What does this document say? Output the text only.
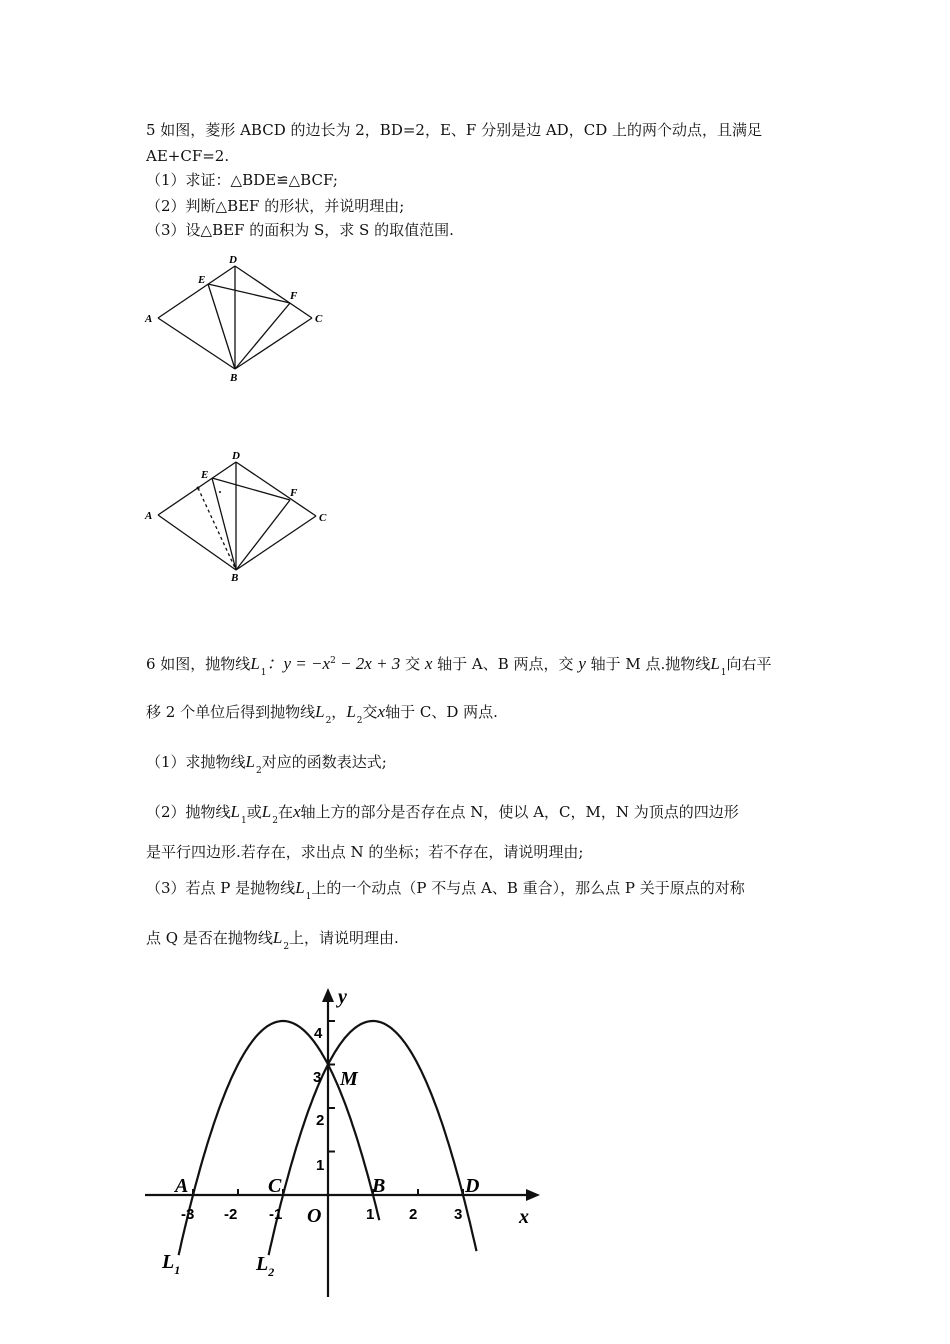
5 如图，菱形 ABCD 的边长为 2，BD=2，E、F 分别是边 AD，CD 上的两个动点，且满足
AE+CF=2.
（1）求证：△BDE≌△BCF;
（2）判断△BEF 的形状，并说明理由;
（3）设△BEF 的面积为 S，求 S 的取值范围.
A
B
C
D
E
F
A
B
C
D
E
F
6 如图，抛物线$L_1$：$y = -x^2 - 2x + 3$ 交 x 轴于 A、B 两点，交 y 轴于 M 点.抛物线$L_1$向右平
移 2 个单位后得到抛物线$L_2$，$L_2$交x轴于 C、D 两点.
（1）求抛物线$L_2$对应的函数表达式;
（2）抛物线$L_1$或$L_2$在x轴上方的部分是否存在点 N，使以 A，C，M，N 为顶点的四边形
是平行四边形.若存在，求出点 N 的坐标；若不存在，请说明理由;
（3）若点 P 是抛物线$L_1$上的一个动点（P 不与点 A、B 重合），那么点 P 关于原点的对称
点 Q 是否在抛物线$L_2$上，请说明理由.
x
y
O
-3 -2 -1	1 2 3
1
2
3
4
A	B
C	D
M
$L_1$	$L_2$
